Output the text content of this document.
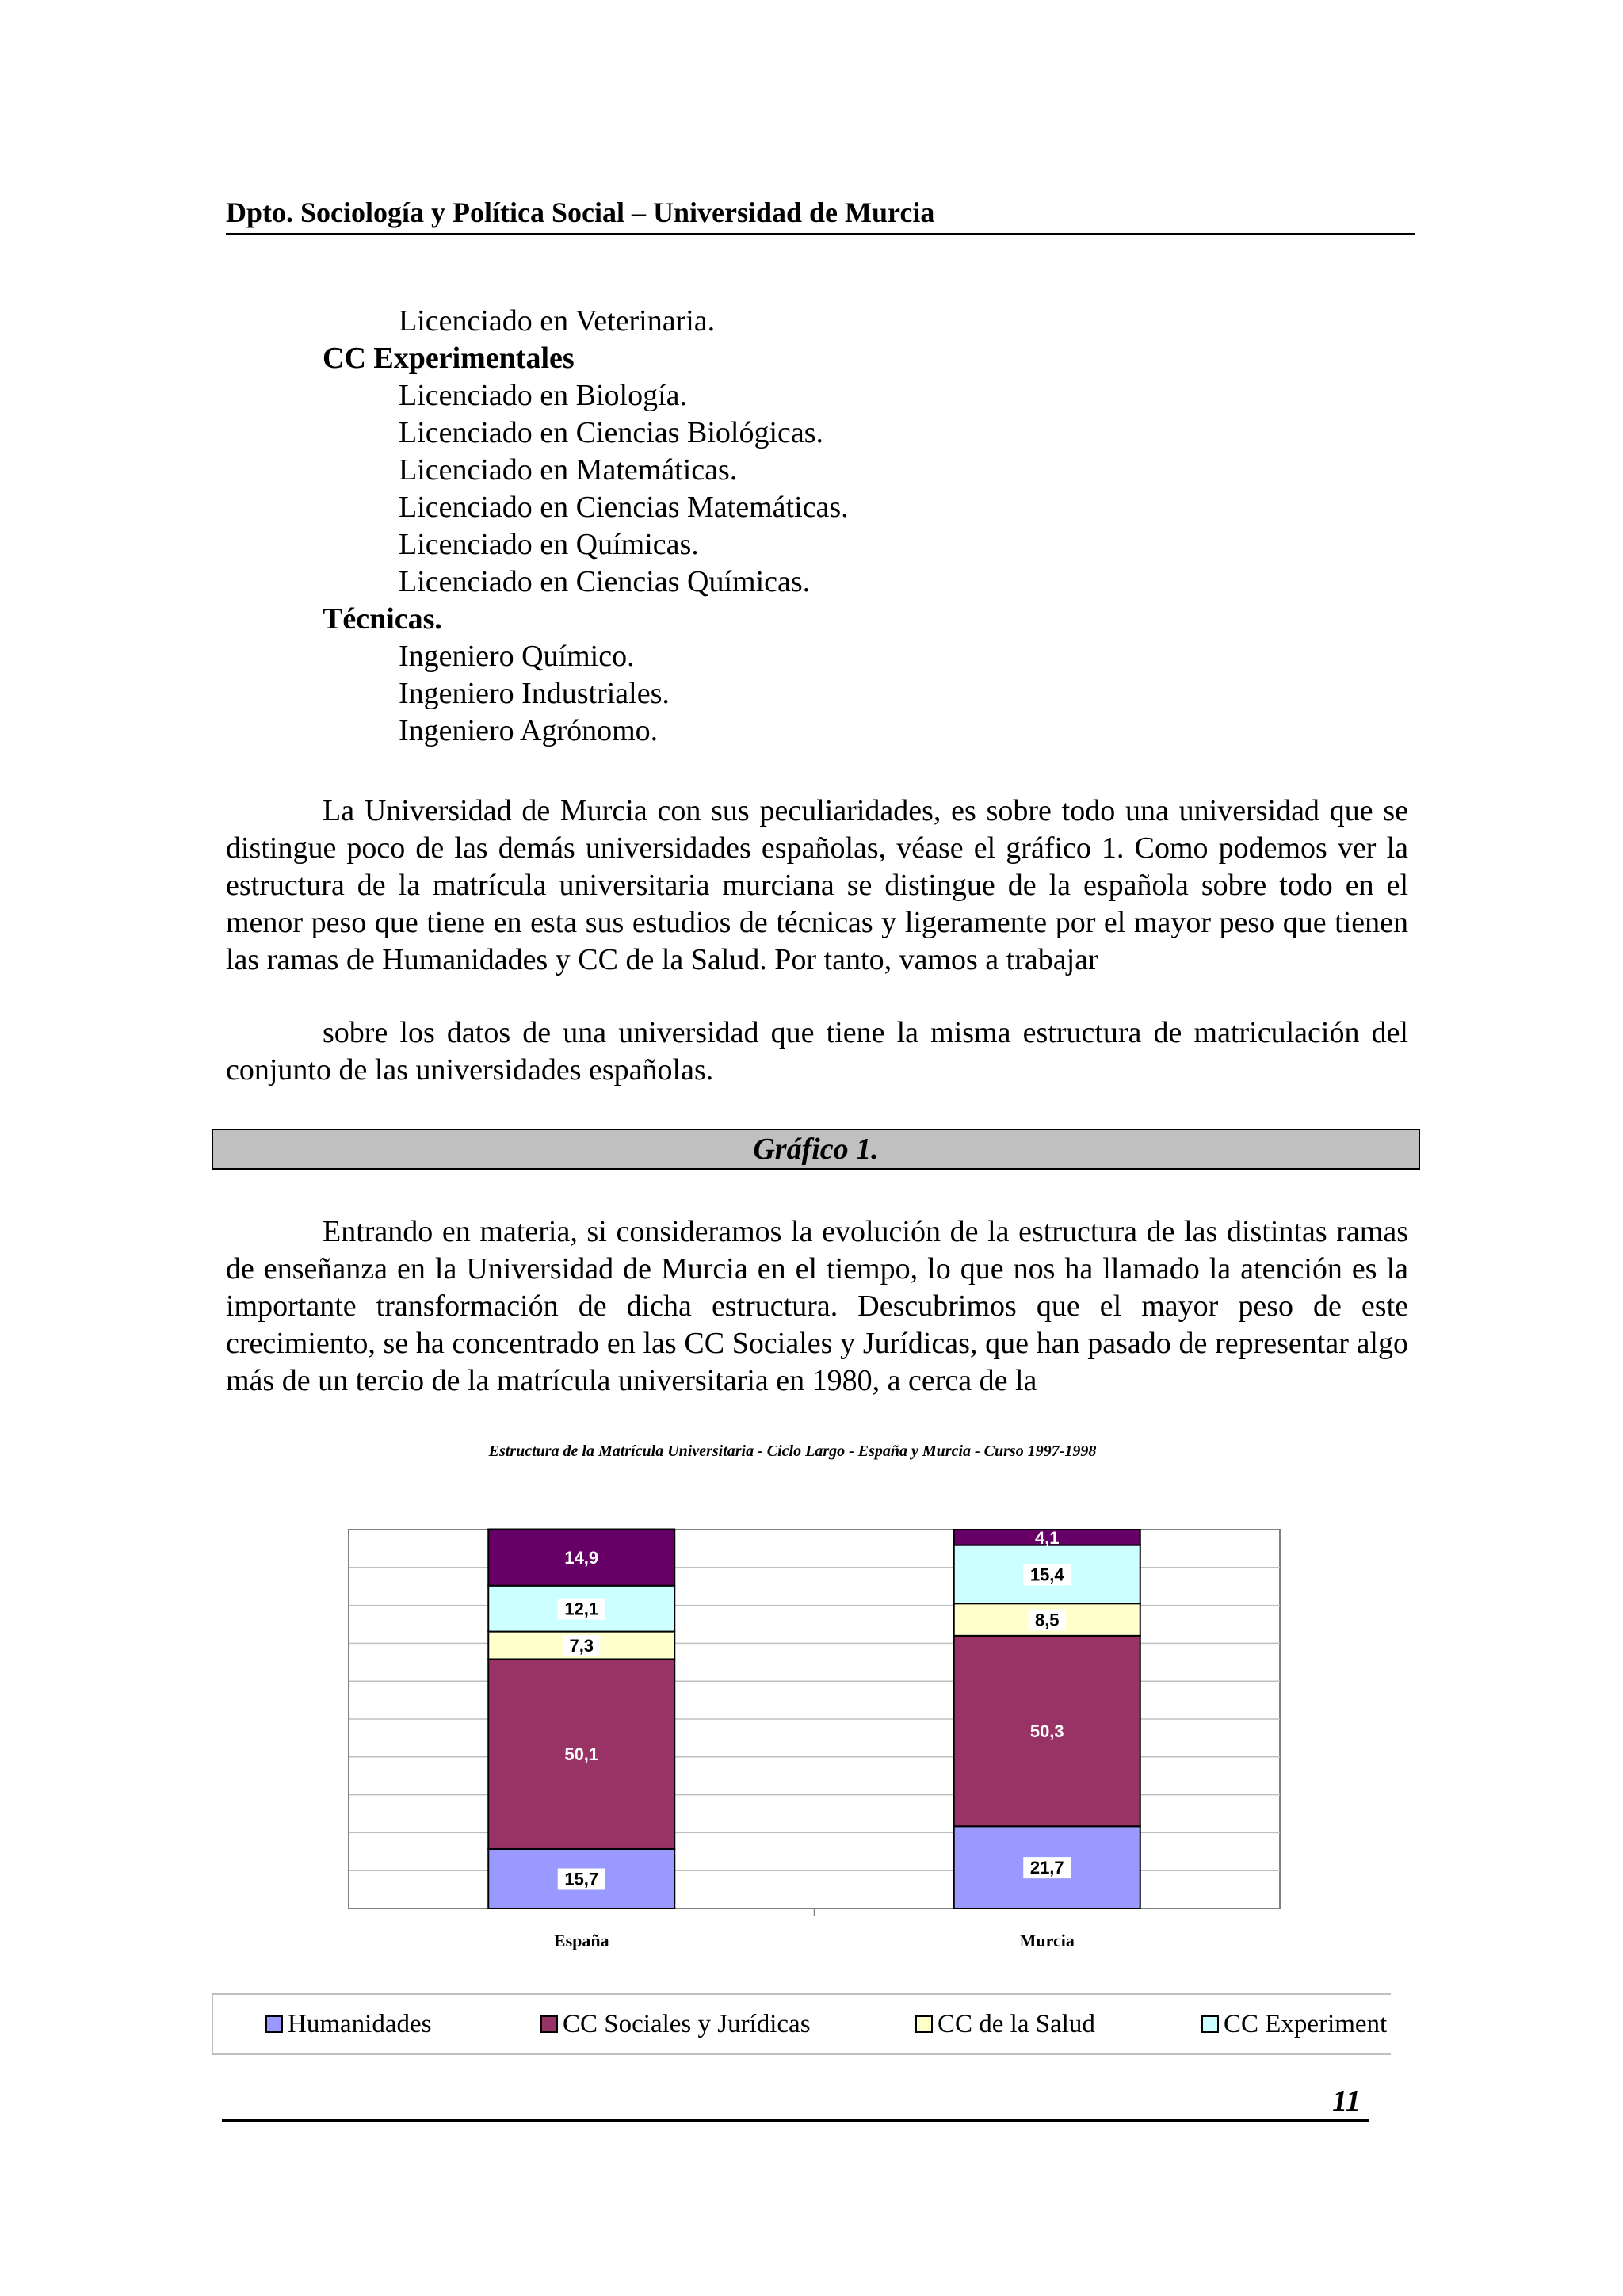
Dpto. Sociología y Política Social – Universidad de Murcia
Licenciado en Veterinaria.
CC Experimentales
Licenciado en Biología.
Licenciado en Ciencias Biológicas.
Licenciado en Matemáticas.
Licenciado en Ciencias Matemáticas.
Licenciado en Químicas.
Licenciado en Ciencias Químicas.
Técnicas.
Ingeniero Químico.
Ingeniero Industriales.
Ingeniero Agrónomo.
La Universidad de Murcia con sus peculiaridades, es sobre todo una universidad que se distingue poco de las demás universidades españolas, véase el gráfico 1. Como podemos ver la estructura de la matrícula universitaria murciana se distingue de la española sobre todo en el menor peso que tiene en esta sus estudios de técnicas y ligeramente por el mayor peso que tienen las ramas de Humanidades y CC de la Salud. Por tanto, vamos a trabajar
sobre los datos de una universidad que tiene la misma estructura de matriculación del conjunto de las universidades españolas.
Gráfico 1.
Entrando en materia, si consideramos la evolución de la estructura de las distintas ramas de enseñanza en la Universidad de Murcia en el tiempo, lo que nos ha llamado la atención es la importante transformación de dicha estructura. Descubrimos que el mayor peso de este crecimiento, se ha concentrado en las CC Sociales y Jurídicas, que han pasado de representar algo más de un tercio de la matrícula universitaria en 1980, a cerca de la
Estructura de la Matrícula Universitaria - Ciclo Largo - España y Murcia - Curso 1997-1998
15,7
50,1
7,3
12,1
14,9
España
21,7
50,3
8,5
15,4
4,1
Murcia
Humanidades	CC Sociales y Jurídicas	CC de la Salud	CC Experiment
11
